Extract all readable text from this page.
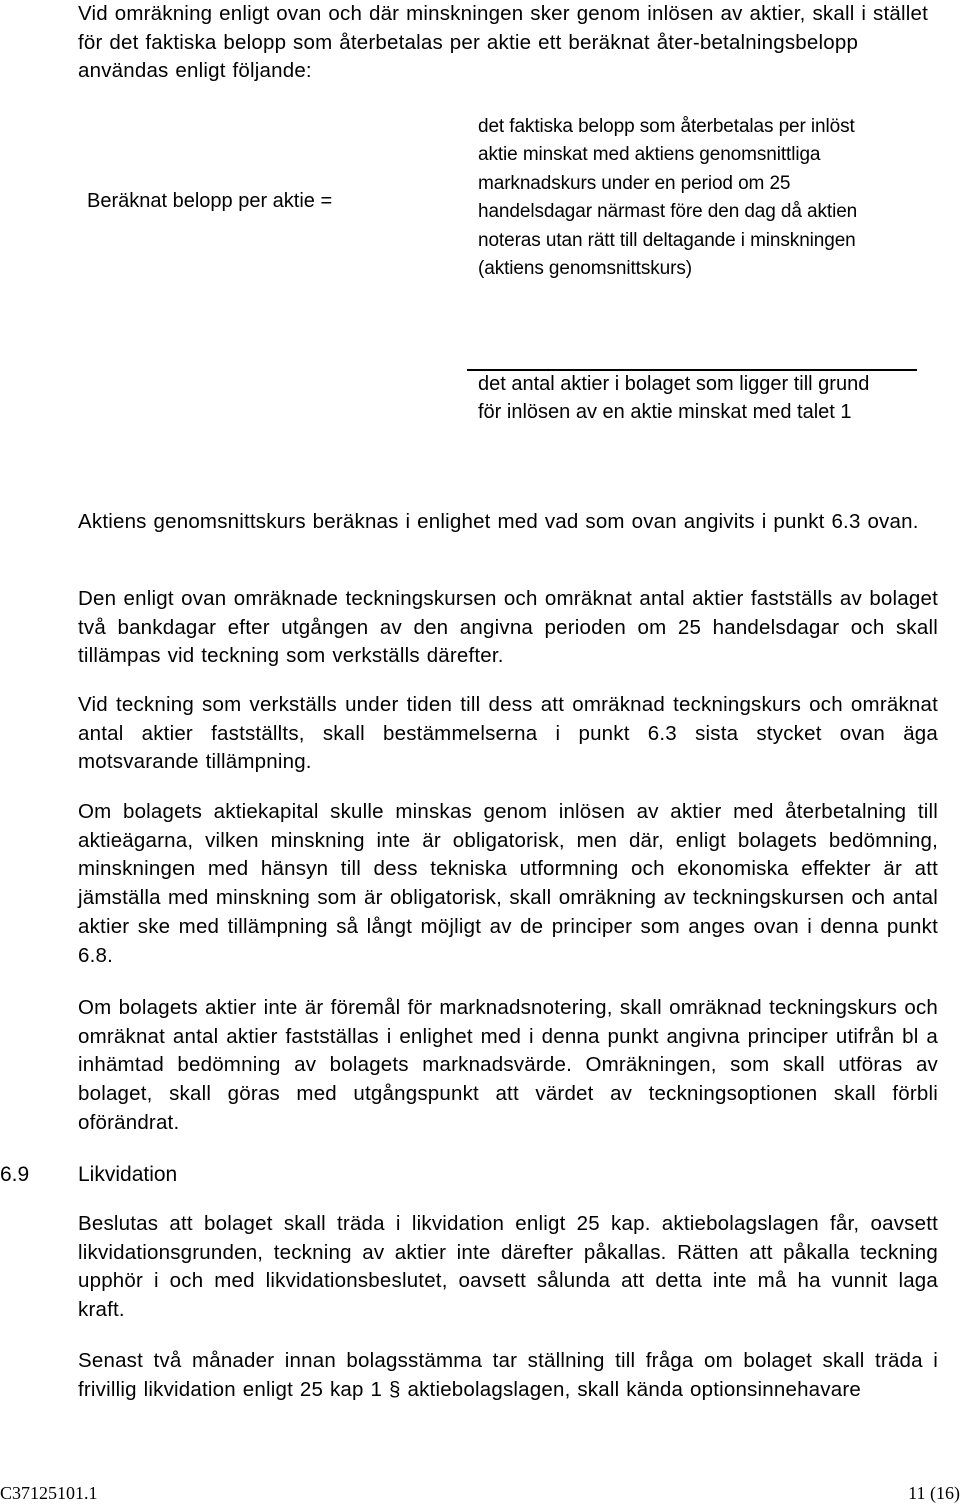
Vid omräkning enligt ovan och där minskningen sker genom inlösen av aktier, skall i stället för det faktiska belopp som återbetalas per aktie ett beräknat åter-betalningsbelopp användas enligt följande:

Beräknat belopp per aktie =
det faktiska belopp som återbetalas per inlöst aktie minskat med aktiens genomsnittliga marknadskurs under en period om 25 handelsdagar närmast före den dag då aktien noteras utan rätt till deltagande i minskningen (aktiens genomsnittskurs)
det antal aktier i bolaget som ligger till grund för inlösen av en aktie minskat med talet 1

Aktiens genomsnittskurs beräknas i enlighet med vad som ovan angivits i punkt 6.3 ovan.

Den enligt ovan omräknade teckningskursen och omräknat antal aktier fastställs av bolaget två bankdagar efter utgången av den angivna perioden om 25 handelsdagar och skall tillämpas vid teckning som verkställs därefter.

Vid teckning som verkställs under tiden till dess att omräknad teckningskurs och omräknat antal aktier fastställts, skall bestämmelserna i punkt 6.3 sista stycket ovan äga motsvarande tillämpning.

Om bolagets aktiekapital skulle minskas genom inlösen av aktier med återbetalning till aktieägarna, vilken minskning inte är obligatorisk, men där, enligt bolagets bedömning, minskningen med hänsyn till dess tekniska utformning och ekonomiska effekter är att jämställa med minskning som är obligatorisk, skall omräkning av teckningskursen och antal aktier ske med tillämpning så långt möjligt av de principer som anges ovan i denna punkt 6.8.

Om bolagets aktier inte är föremål för marknadsnotering, skall omräknad teckningskurs och omräknat antal aktier fastställas i enlighet med i denna punkt angivna principer utifrån bl a inhämtad bedömning av bolagets marknadsvärde. Omräkningen, som skall utföras av bolaget, skall göras med utgångspunkt att värdet av teckningsoptionen skall förbli oförändrat.

6.9 Likvidation

Beslutas att bolaget skall träda i likvidation enligt 25 kap. aktiebolagslagen får, oavsett likvidationsgrunden, teckning av aktier inte därefter påkallas. Rätten att påkalla teckning upphör i och med likvidationsbeslutet, oavsett sålunda att detta inte må ha vunnit laga kraft.

Senast två månader innan bolagsstämma tar ställning till fråga om bolaget skall träda i frivillig likvidation enligt 25 kap 1 § aktiebolagslagen, skall kända optionsinnehavare

C37125101.1	11 (16)
